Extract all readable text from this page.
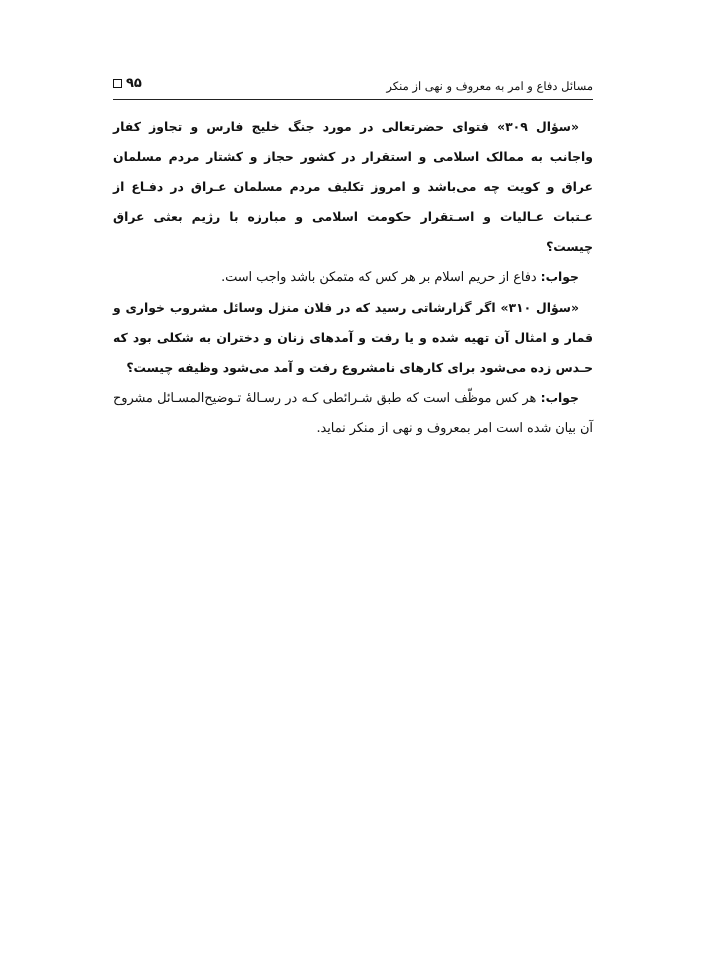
مسائل دفاع و امر به معروف و نهی از منکر
۹۵

«سؤال ۳۰۹» فتوای حضرتعالی در مورد جنگ خلیج فارس و تجاوز کفار واجانب به ممالک اسلامی و استقرار در کشور حجاز و کشتار مردم مسلمان عراق و کویت چه می‌باشد و امروز تکلیف مردم مسلمان عـراق در دفـاع از عـتبات عـالیات و اسـتقرار حکومت اسلامی و مبارزه با رژیم بعثی عراق چیست؟

جواب: دفاع از حریم اسلام بر هر کس که متمکن باشد واجب است.

«سؤال ۳۱۰» اگر گزارشاتی رسید که در فلان منزل وسائل مشروب خواری و قمار و امثال آن تهیه شده و یا رفت و آمدهای زنان و دختران به شکلی بود که حـدس زده می‌شود برای کارهای نامشروع رفت و آمد می‌شود وظیفه چیست؟

جواب: هر کس موظّف است که طبق شـرائطی کـه در رسـالهٔ تـوضیح‌المسـائل مشروح آن بیان شده است امر بمعروف و نهی از منکر نماید.
